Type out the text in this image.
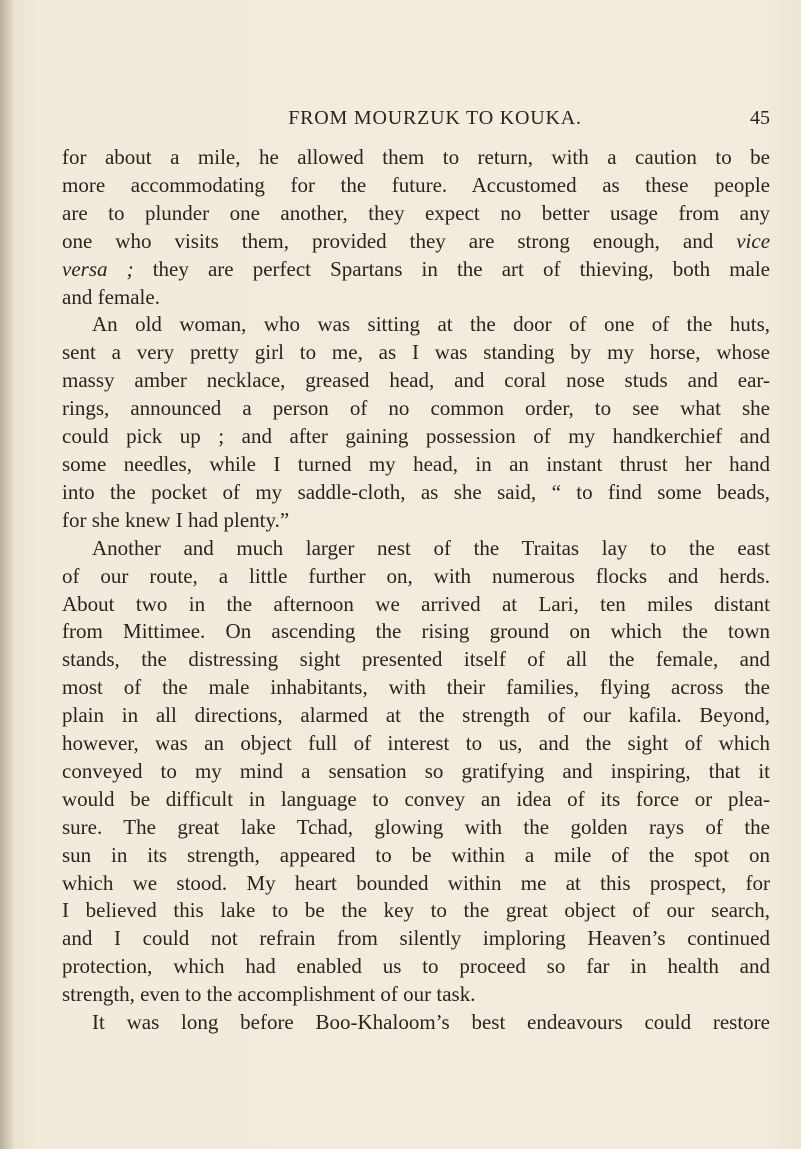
FROM MOURZUK TO KOUKA.	45
for about a mile, he allowed them to return, with a caution to be
more accommodating for the future. Accustomed as these people
are to plunder one another, they expect no better usage from any
one who visits them, provided they are strong enough, and vice
versa ; they are perfect Spartans in the art of thieving, both male
and female.
An old woman, who was sitting at the door of one of the huts,
sent a very pretty girl to me, as I was standing by my horse, whose
massy amber necklace, greased head, and coral nose studs and ear-
rings, announced a person of no common order, to see what she
could pick up ; and after gaining possession of my handkerchief and
some needles, while I turned my head, in an instant thrust her hand
into the pocket of my saddle-cloth, as she said, “ to find some beads,
for she knew I had plenty.”
Another and much larger nest of the Traitas lay to the east
of our route, a little further on, with numerous flocks and herds.
About two in the afternoon we arrived at Lari, ten miles distant
from Mittimee. On ascending the rising ground on which the town
stands, the distressing sight presented itself of all the female, and
most of the male inhabitants, with their families, flying across the
plain in all directions, alarmed at the strength of our kafila. Beyond,
however, was an object full of interest to us, and the sight of which
conveyed to my mind a sensation so gratifying and inspiring, that it
would be difficult in language to convey an idea of its force or plea-
sure. The great lake Tchad, glowing with the golden rays of the
sun in its strength, appeared to be within a mile of the spot on
which we stood. My heart bounded within me at this prospect, for
I believed this lake to be the key to the great object of our search,
and I could not refrain from silently imploring Heaven’s continued
protection, which had enabled us to proceed so far in health and
strength, even to the accomplishment of our task.
It was long before Boo-Khaloom’s best endeavours could restore
